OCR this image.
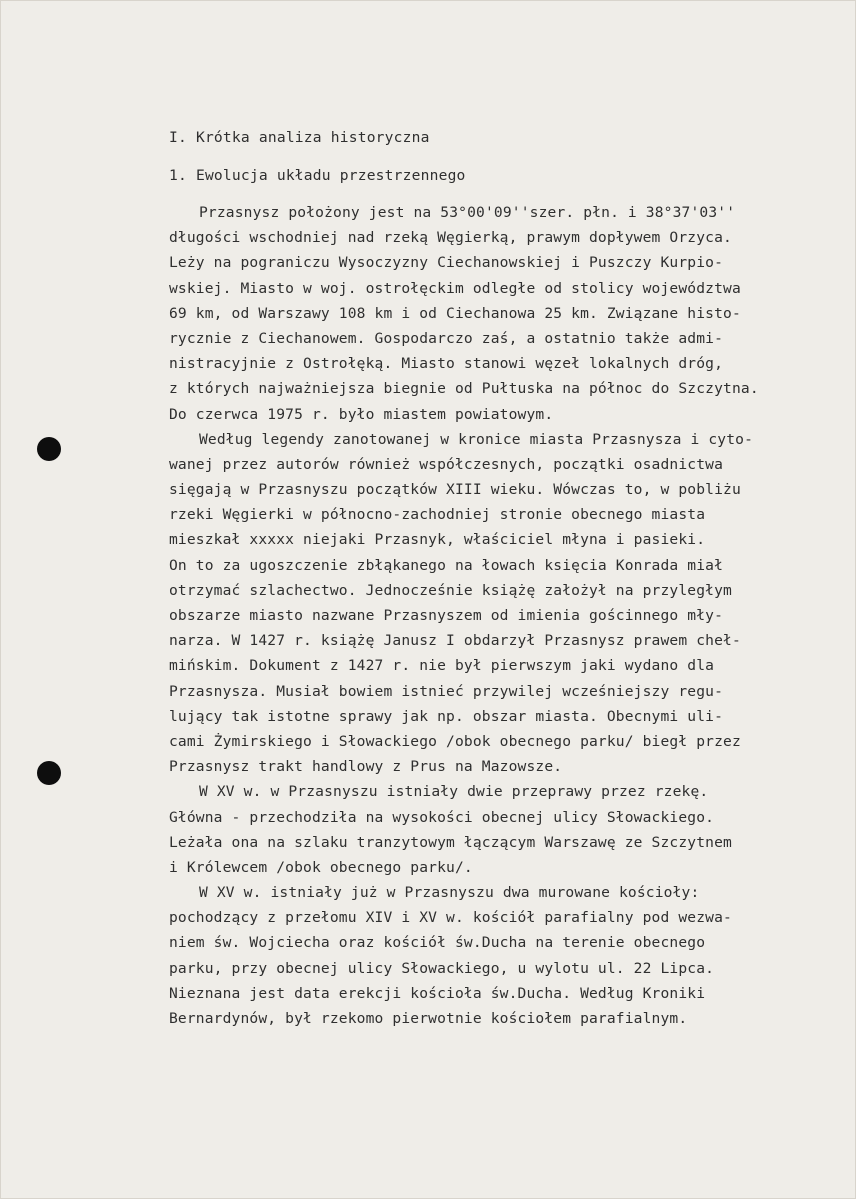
I. Krótka analiza historyczna
1. Ewolucja układu przestrzennego
Przasnysz położony jest na 53°00'09''szer. płn. i 38°37'03''
długości wschodniej nad rzeką Węgierką, prawym dopływem Orzyca.
Leży na pograniczu Wysoczyzny Ciechanowskiej i Puszczy Kurpio-
wskiej. Miasto w woj. ostrołęckim odległe od stolicy województwa
69 km, od Warszawy 108 km i od Ciechanowa 25 km. Związane histo-
rycznie z Ciechanowem. Gospodarczo zaś, a ostatnio także admi-
nistracyjnie z Ostrołęką. Miasto stanowi węzeł lokalnych dróg,
z których najważniejsza biegnie od Pułtuska na północ do Szczytna.
Do czerwca 1975 r. było miastem powiatowym.
Według legendy zanotowanej w kronice miasta Przasnysza i cyto-
wanej przez autorów również współczesnych, początki osadnictwa
sięgają w Przasnyszu początków XIII wieku. Wówczas to, w pobliżu
rzeki Węgierki w północno-zachodniej stronie obecnego miasta
mieszkał xxxxx niejaki Przasnyk, właściciel młyna i pasieki.
On to za ugoszczenie zbłąkanego na łowach księcia Konrada miał
otrzymać szlachectwo. Jednocześnie książę założył na przyległym
obszarze miasto nazwane Przasnyszem od imienia gościnnego mły-
narza. W 1427 r. książę Janusz I obdarzył Przasnysz prawem cheł-
mińskim. Dokument z 1427 r. nie był pierwszym jaki wydano dla
Przasnysza. Musiał bowiem istnieć przywilej wcześniejszy regu-
lujący tak istotne sprawy jak np. obszar miasta. Obecnymi uli-
cami Żymirskiego i Słowackiego /obok obecnego parku/ biegł przez
Przasnysz trakt handlowy z Prus na Mazowsze.
W XV w. w Przasnyszu istniały dwie przeprawy przez rzekę.
Główna - przechodziła na wysokości obecnej ulicy Słowackiego.
Leżała ona na szlaku tranzytowym łączącym Warszawę ze Szczytnem
i Królewcem /obok obecnego parku/.
W XV w. istniały już w Przasnyszu dwa murowane kościoły:
pochodzący z przełomu XIV i XV w. kościół parafialny pod wezwa-
niem św. Wojciecha oraz kościół św.Ducha na terenie obecnego
parku, przy obecnej ulicy Słowackiego, u wylotu ul. 22 Lipca.
Nieznana jest data erekcji kościoła św.Ducha. Według Kroniki
Bernardynów, był rzekomo pierwotnie kościołem parafialnym.
